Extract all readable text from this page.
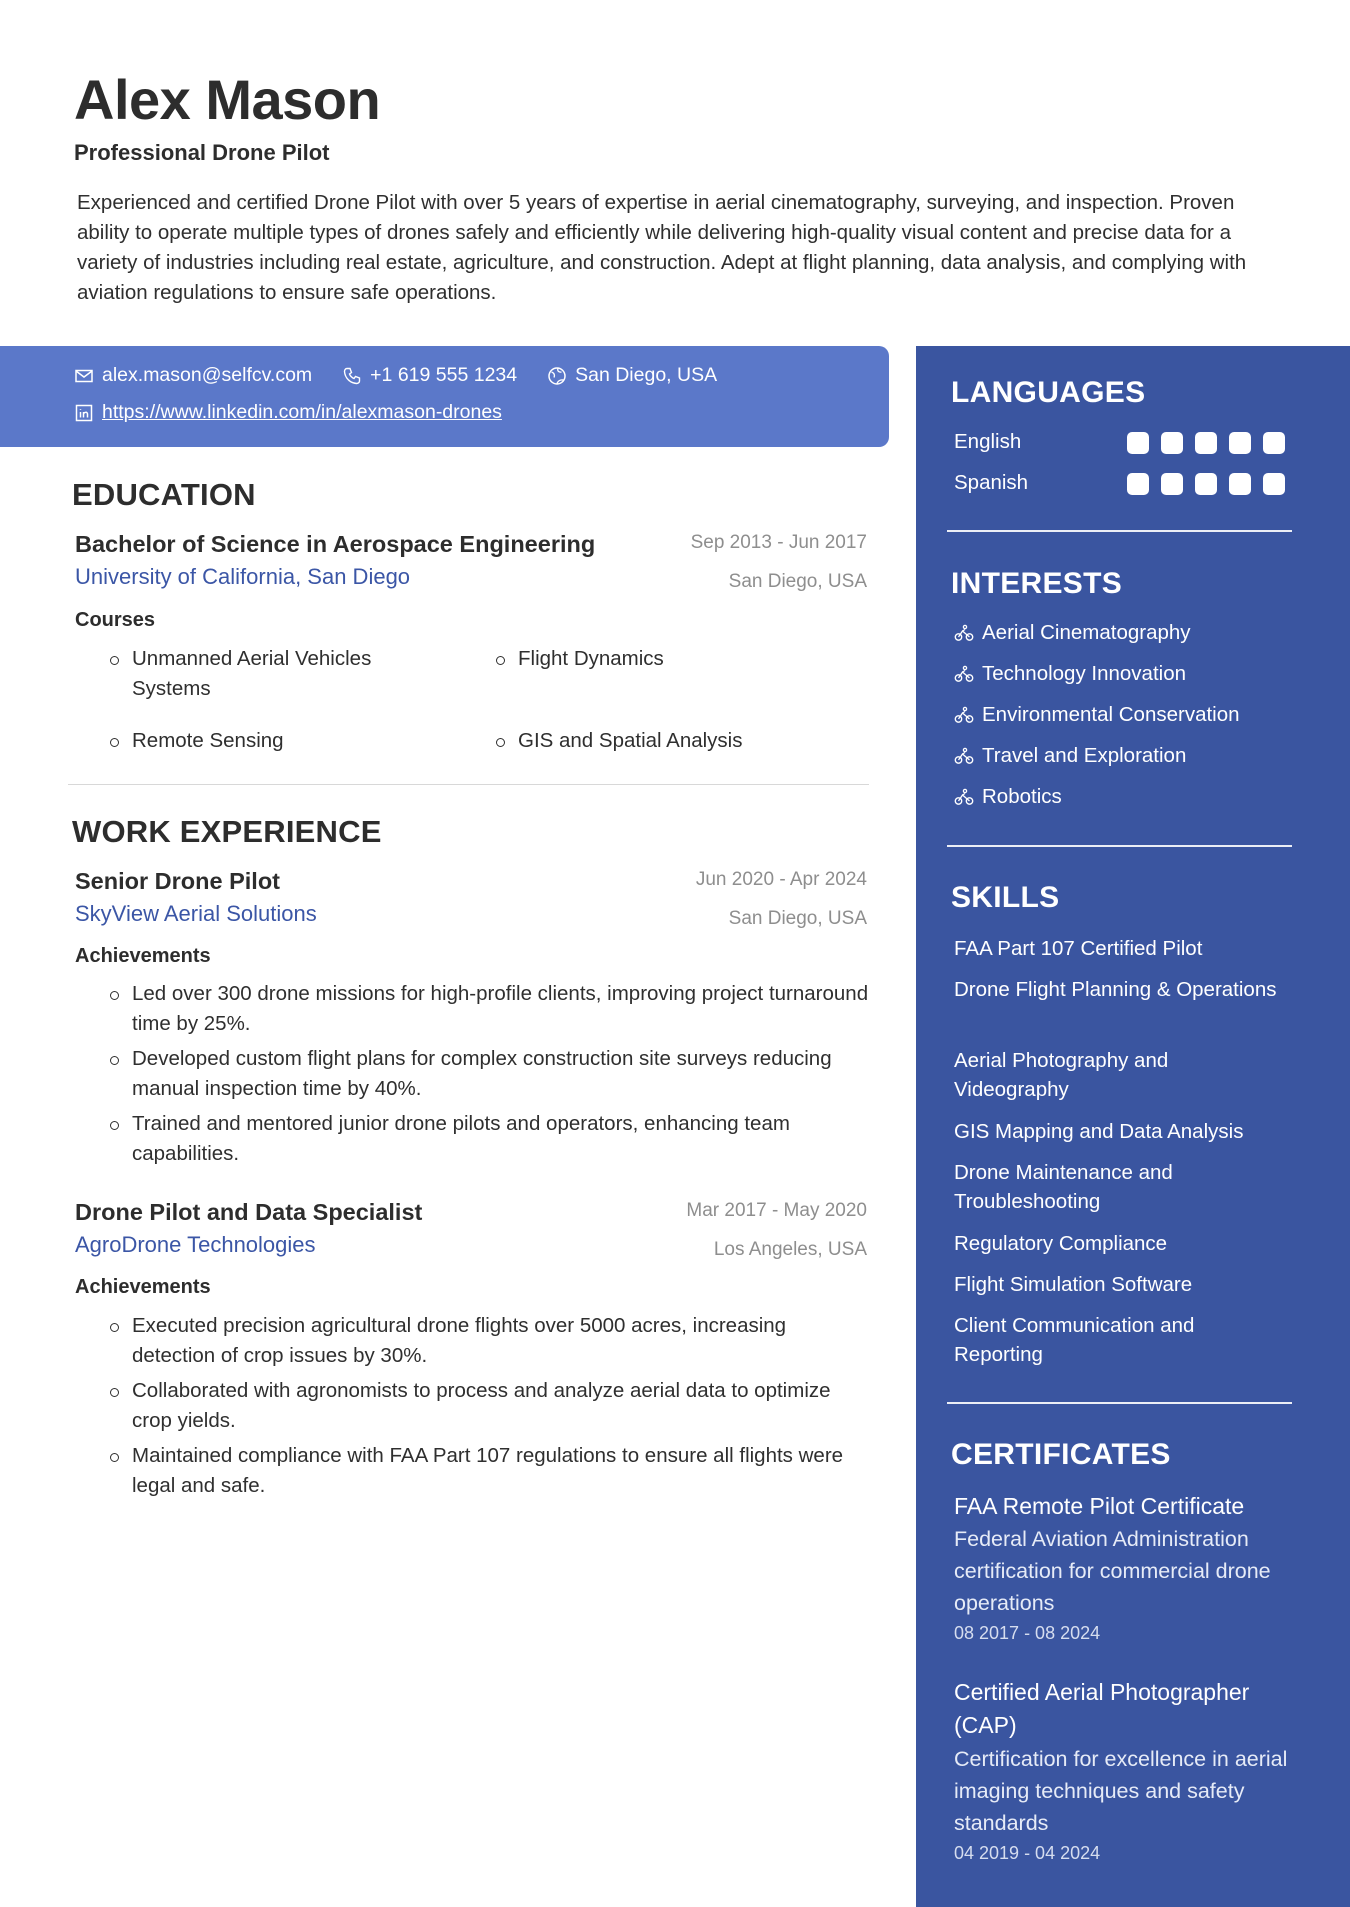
Alex Mason
Professional Drone Pilot
Experienced and certified Drone Pilot with over 5 years of expertise in aerial cinematography, surveying, and inspection. Proven ability to operate multiple types of drones safely and efficiently while delivering high-quality visual content and precise data for a variety of industries including real estate, agriculture, and construction. Adept at flight planning, data analysis, and complying with aviation regulations to ensure safe operations.
alex.mason@selfcv.com	+1 619 555 1234	San Diego, USA
https://www.linkedin.com/in/alexmason-drones
EDUCATION
Bachelor of Science in Aerospace Engineering	Sep 2013 - Jun 2017
University of California, San Diego	San Diego, USA
Courses
Unmanned Aerial Vehicles Systems
Flight Dynamics
Remote Sensing	GIS and Spatial Analysis
WORK EXPERIENCE
Senior Drone Pilot	Jun 2020 - Apr 2024
SkyView Aerial Solutions	San Diego, USA
Achievements
Led over 300 drone missions for high-profile clients, improving project turnaround time by 25%.
Developed custom flight plans for complex construction site surveys reducing manual inspection time by 40%.
Trained and mentored junior drone pilots and operators, enhancing team capabilities.
Drone Pilot and Data Specialist	Mar 2017 - May 2020
AgroDrone Technologies	Los Angeles, USA
Achievements
Executed precision agricultural drone flights over 5000 acres, increasing detection of crop issues by 30%.
Collaborated with agronomists to process and analyze aerial data to optimize crop yields.
Maintained compliance with FAA Part 107 regulations to ensure all flights were legal and safe.
LANGUAGES
English
Spanish
INTERESTS
Aerial Cinematography
Technology Innovation
Environmental Conservation
Travel and Exploration
Robotics
SKILLS
FAA Part 107 Certified Pilot
Drone Flight Planning & Operations
Aerial Photography and Videography
GIS Mapping and Data Analysis
Drone Maintenance and Troubleshooting
Regulatory Compliance
Flight Simulation Software
Client Communication and Reporting
CERTIFICATES
FAA Remote Pilot Certificate
Federal Aviation Administration certification for commercial drone operations
08 2017 - 08 2024
Certified Aerial Photographer (CAP)
Certification for excellence in aerial imaging techniques and safety standards
04 2019 - 04 2024
